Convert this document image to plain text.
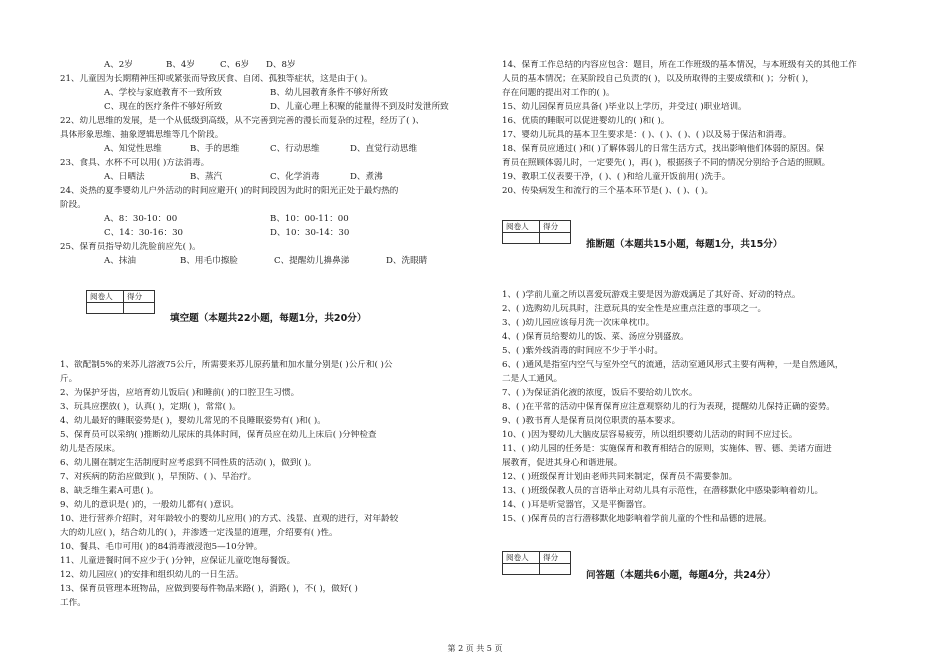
A、2岁	B、4岁	C、6岁 D、8岁
21、儿童因为长期精神压抑或紧张而导致厌食、自闭、孤独等症状，这是由于( )。
A、学校与家庭教育不一致所致	B、幼儿园教育条件不够好所致
C、现在的医疗条件不够好所致	D、儿童心理上积聚的能量得不到及时发泄所致
22、幼儿思维的发展，是一个从低级到高级，从不完善到完善的漫长而复杂的过程，经历了( )、
具体形象思维、抽象逻辑思维等几个阶段。
A、知觉性思维	B、手的思维	C、行动思维	D、直觉行动思维
23、食具、水杯不可以用( )方法消毒。
A、日晒法	B、蒸汽	C、化学消毒	D、煮沸
24、炎热的夏季婴幼儿户外活动的时间应避开( )的时间段因为此时的阳光正处于最灼热的
阶段。
A、8：30-10：00	B、10：00-11：00
C、14：30-16：30	D、10：30-14：30
25、保育员指导幼儿洗脸前应先( )。
A、抹油	B、用毛巾擦脸	C、提醒幼儿擤鼻涕	D、洗眼睛
阅卷人	得分

填空题（本题共22小题，每题1分，共20分）
1、欲配制5%的来苏儿溶液75公斤，所需要来苏儿原药量和加水量分别是( )公斤和( )公
斤。
2、为保护牙齿，应培育幼儿饭后( )和睡前( )的口腔卫生习惯。
3、玩具应摆放( )，认真( )，定期( )，常常( )。
4、幼儿最好的睡眠姿势是( )，婴幼儿常见的不良睡眠姿势有( )和( )。
5、保育员可以采纳( )推断幼儿尿床的具体时间，保育员应在幼儿上床后( )分钟检查
幼儿是否尿床。
6、幼儿園在制定生活制度时应考虑到不同性质的活动( )，做到( )。
7、对疾病的防治应做到( )，早预防、( )、早治疗。
8、缺乏维生素A可患( )。
9、幼儿的意识是( )的，一般幼儿都有( )意识。
10、进行营养介绍时，对年龄较小的婴幼儿应用( )的方式、浅显、直观的进行，对年龄较
大的幼儿应( )，结合幼儿的( )，并渗透一定浅显的道理，介绍要有( )性。
10、餐具、毛巾可用( )的84消毒液浸泡5—10分钟。
11、儿童进餐时间不应少于( )分钟，应保证儿童吃饱每餐饭。
12、幼儿园应( )的安排和组织幼儿的一日生活。
13、保育员管理本班物品，应做到要每件物品来路( )，消路( )，不( )，做好( )
工作。
14、保育工作总结的内容应包含：题目，所在工作班级的基本情况，与本班级有关的其他工作
人员的基本情况；在某阶段自己负责的( )，以及所取得的主要成绩和( )；分析( )，
存在问题的提出对工作的( )。
15、幼儿园保育员应具备( )毕业以上学历，并受过( )职业培训。
16、优质的睡眠可以促进婴幼儿的( )和( )。
17、婴幼儿玩具的基本卫生要求是：( )、( )、( )、( )以及易于保洁和消毒。
18、保育员应通过( )和( )了解体弱儿的日常生活方式，找出影响他们体弱的原因。保
育员在照顾体弱儿时，一定要先( )，再( )，根据孩子不同的情况分别给予合适的照顾。
19、教职工仪表要干净，( )、( )和给儿童开饭前用( )洗手。
20、传染病发生和流行的三个基本环节是( )、( )、( )。
阅卷人	得分

推断题（本题共15小题，每题1分，共15分）
1、( )学前儿童之所以喜爱玩游戏主要是因为游戏满足了其好奇、好动的特点。
2、( )选购幼儿玩具时，注意玩具的安全性是应重点注意的事项之一。
3、( )幼儿园应该每月洗一次床单枕巾。
4、( )保育员给婴幼儿的饭、菜、汤应分别盛放。
5、( )紫外线消毒的时间应不少于半小时。
6、( )通风是指室内空气与室外空气的流通，活动室通风形式主要有两种，一是自然通风，
二是人工通风。
7、( )为保证消化液的浓度，饭后不要给幼儿饮水。
8、( )在平常的活动中保育保育应注意观察幼儿的行为表现，提醒幼儿保持正确的姿势。
9、( )教书育人是保育员岗位职责的基本要求。
10、( )因为婴幼儿大脑皮层容易疲劳，所以组织婴幼儿活动的时间不应过长。
11、( )幼儿园的任务是：实施保育和教育相结合的原则，实施体、智、德、美诸方面进
展教育，促进其身心和谐进展。
12、( )班级保育计划由老师共同来制定，保育员不需要参加。
13、( )班级保教人员的言语举止对幼儿具有示范性，在潜移默化中感染影响着幼儿。
14、( )耳是听觉器官，又是平衡器官。
15、( )保育员的言行潜移默化地影响着学前儿童的个性和品德的进展。
阅卷人	得分

问答题（本题共6小题，每题4分，共24分）
第 2 页 共 5 页
